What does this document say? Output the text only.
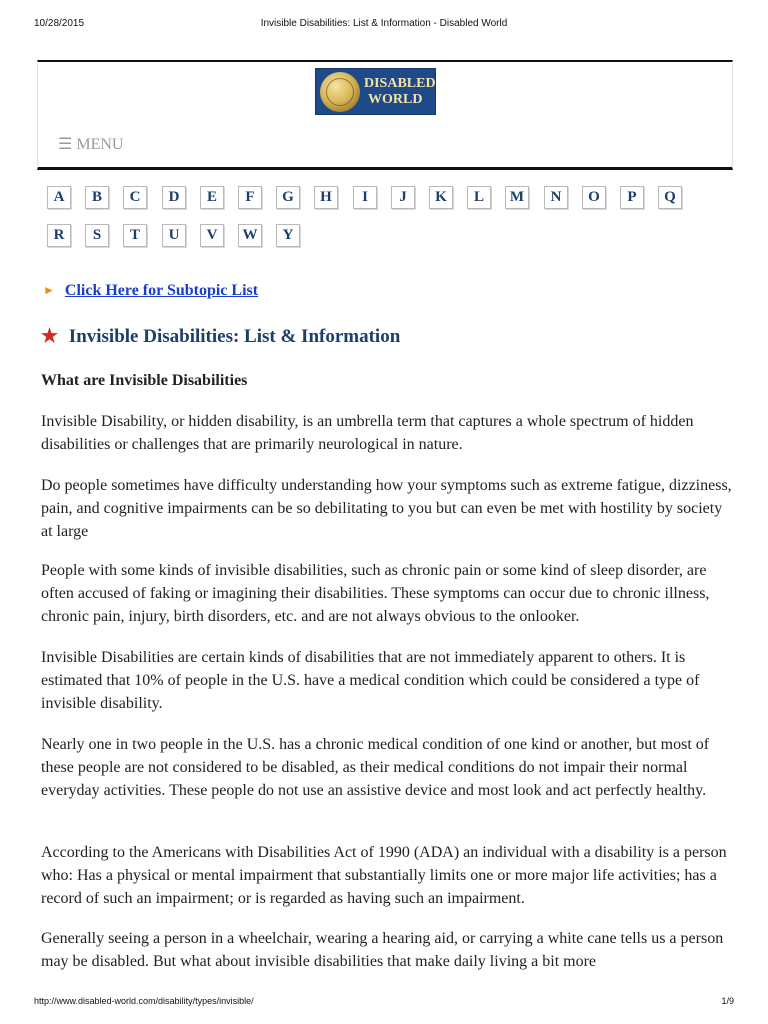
10/28/2015	Invisible Disabilities: List & Information - Disabled World
DISABLED
WORLD
☰ MENU
A	B	C	D	E	F	G	H	I	J	K	L	M	N	O	P	Q
R	S	T	U	V	W	Y
► Click Here for Subtopic List
★ Invisible Disabilities: List & Information
What are Invisible Disabilities

Invisible Disability, or hidden disability, is an umbrella term that captures a whole spectrum of hidden disabilities or challenges that are primarily neurological in nature.

Do people sometimes have difficulty understanding how your symptoms such as extreme fatigue, dizziness, pain, and cognitive impairments can be so debilitating to you but can even be met with hostility by society at large

People with some kinds of invisible disabilities, such as chronic pain or some kind of sleep disorder, are often accused of faking or imagining their disabilities. These symptoms can occur due to chronic illness, chronic pain, injury, birth disorders, etc. and are not always obvious to the onlooker.

Invisible Disabilities are certain kinds of disabilities that are not immediately apparent to others. It is estimated that 10% of people in the U.S. have a medical condition which could be considered a type of invisible disability.

Nearly one in two people in the U.S. has a chronic medical condition of one kind or another, but most of these people are not considered to be disabled, as their medical conditions do not impair their normal everyday activities. These people do not use an assistive device and most look and act perfectly healthy.

According to the Americans with Disabilities Act of 1990 (ADA) an individual with a disability is a person who: Has a physical or mental impairment that substantially limits one or more major life activities; has a record of such an impairment; or is regarded as having such an impairment.

Generally seeing a person in a wheelchair, wearing a hearing aid, or carrying a white cane tells us a person may be disabled. But what about invisible disabilities that make daily living a bit more

http://www.disabled-world.com/disability/types/invisible/	1/9
